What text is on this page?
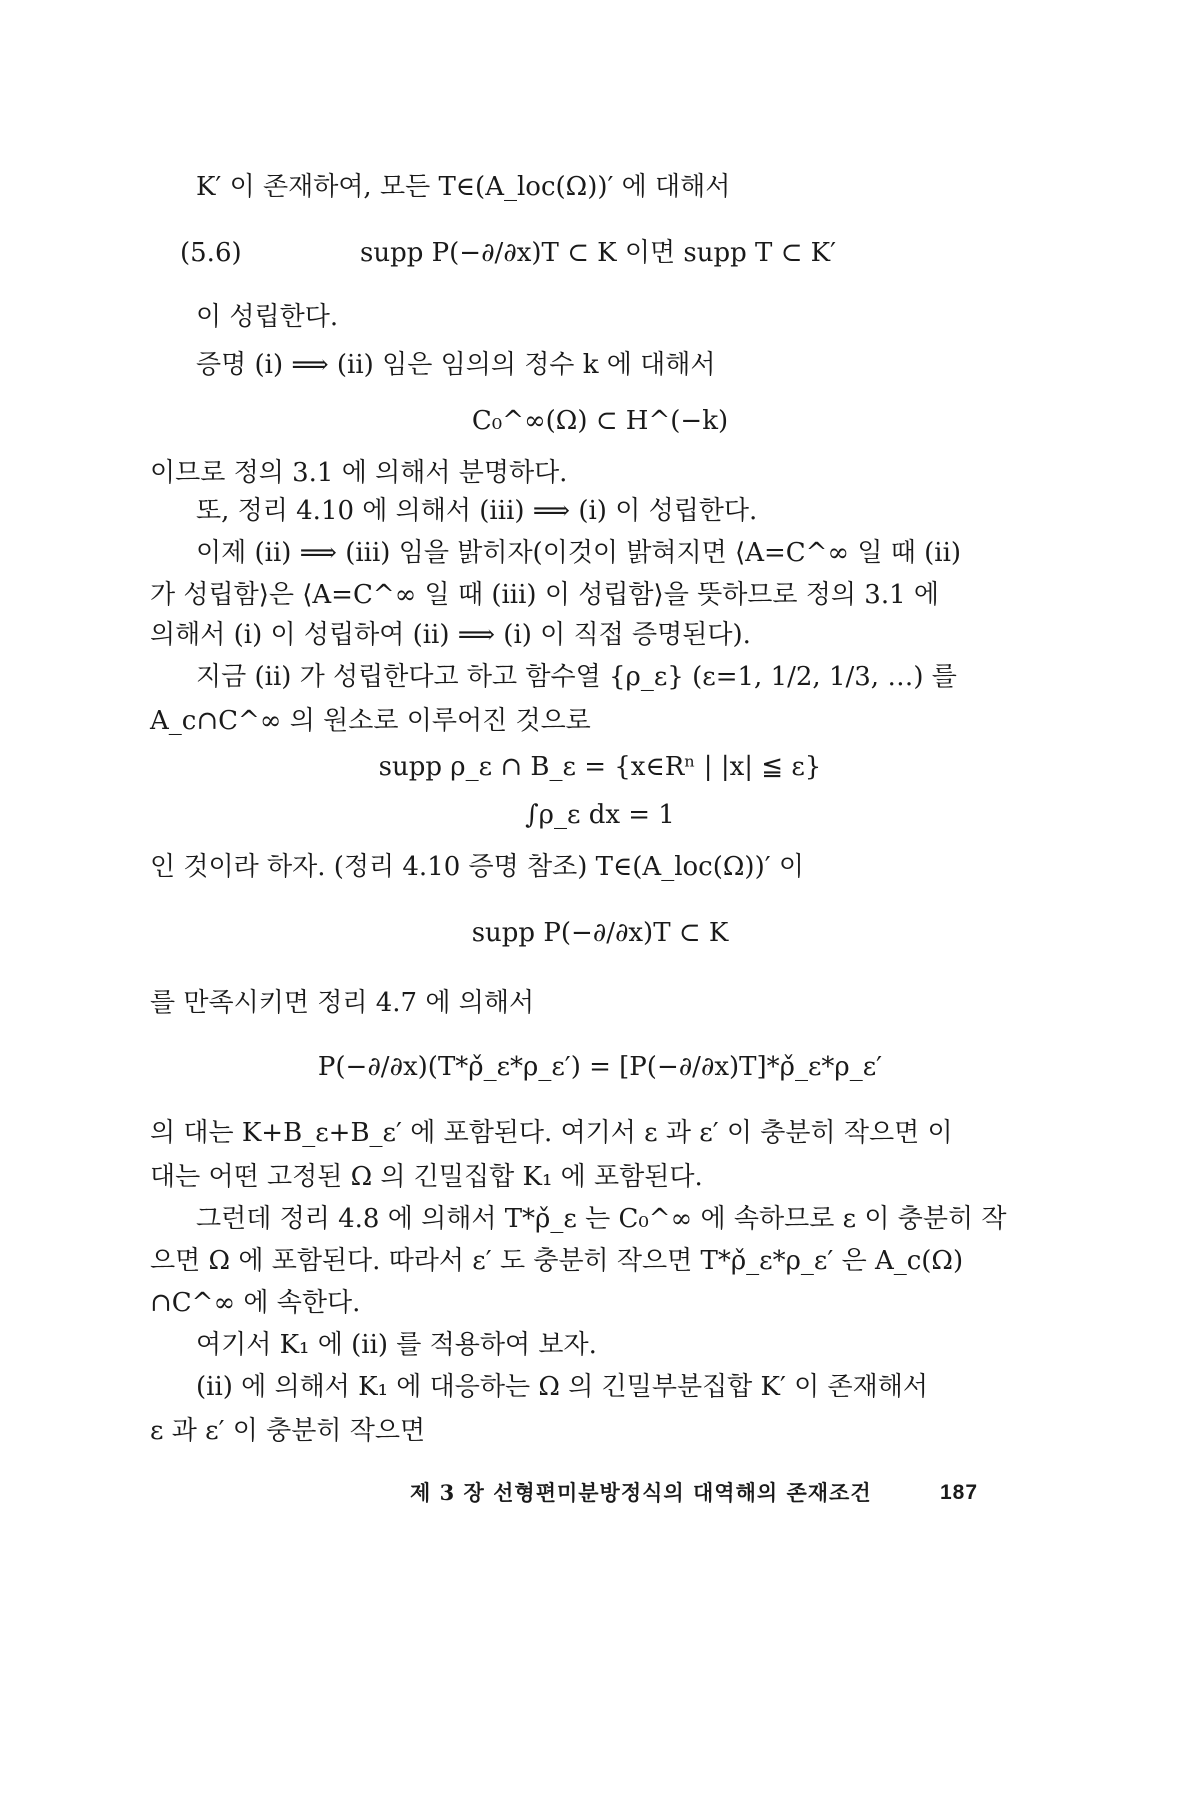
K′ 이 존재하여, 모든 T∈(A_loc(Ω))′ 에 대해서
(5.6)	supp P(−∂/∂x)T ⊂ K 이면 supp T ⊂ K′
이 성립한다.
증명 (i) ⟹ (ii) 임은 임의의 정수 k 에 대해서
C₀^∞(Ω) ⊂ H^(−k)
이므로 정의 3.1 에 의해서 분명하다.
또, 정리 4.10 에 의해서 (iii) ⟹ (i) 이 성립한다.
이제 (ii) ⟹ (iii) 임을 밝히자(이것이 밝혀지면 ⟨A=C^∞ 일 때 (ii)
가 성립함⟩은 ⟨A=C^∞ 일 때 (iii) 이 성립함⟩을 뜻하므로 정의 3.1 에
의해서 (i) 이 성립하여 (ii) ⟹ (i) 이 직접 증명된다).
지금 (ii) 가 성립한다고 하고 함수열 {ρ_ε} (ε=1, 1/2, 1/3, …) 를
A_c∩C^∞ 의 원소로 이루어진 것으로
supp ρ_ε ∩ B_ε = {x∈Rⁿ | |x| ≦ ε}
∫ρ_ε dx = 1
인 것이라 하자. (정리 4.10 증명 참조) T∈(A_loc(Ω))′ 이
supp P(−∂/∂x)T ⊂ K
를 만족시키면 정리 4.7 에 의해서
P(−∂/∂x)(T*ρ̌_ε*ρ_ε′) = [P(−∂/∂x)T]*ρ̌_ε*ρ_ε′
의 대는 K+B_ε+B_ε′ 에 포함된다. 여기서 ε 과 ε′ 이 충분히 작으면 이
대는 어떤 고정된 Ω 의 긴밀집합 K₁ 에 포함된다.
그런데 정리 4.8 에 의해서 T*ρ̌_ε 는 C₀^∞ 에 속하므로 ε 이 충분히 작
으면 Ω 에 포함된다. 따라서 ε′ 도 충분히 작으면 T*ρ̌_ε*ρ_ε′ 은 A_c(Ω)
∩C^∞ 에 속한다.
여기서 K₁ 에 (ii) 를 적용하여 보자.
(ii) 에 의해서 K₁ 에 대응하는 Ω 의 긴밀부분집합 K′ 이 존재해서
ε 과 ε′ 이 충분히 작으면
제 3 장 선형편미분방정식의 대역해의 존재조건	187
